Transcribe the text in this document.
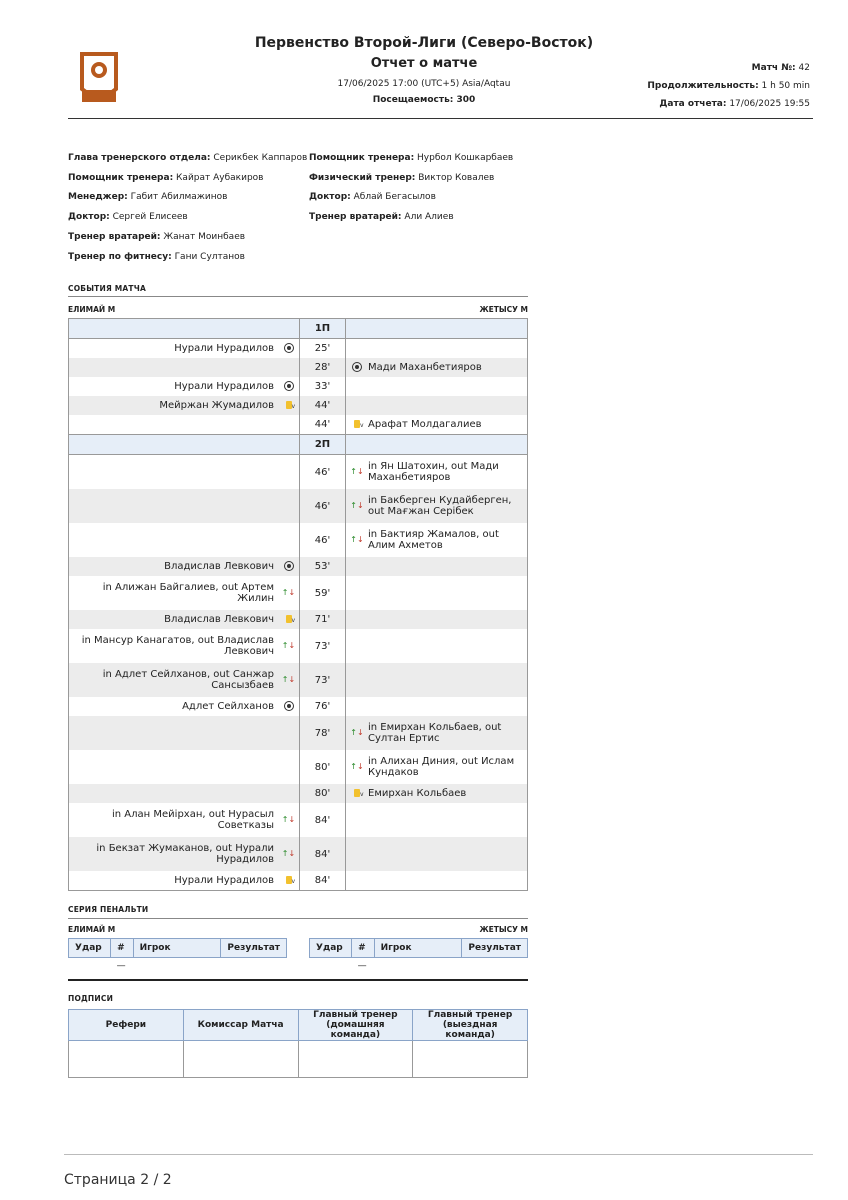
Первенство Второй-Лиги (Северо-Восток)
Отчет о матче
17/06/2025 17:00 (UTC+5) Asia/Aqtau
Посещаемость: 300
Матч №: 42
Продолжительность: 1 h 50 min
Дата отчета: 17/06/2025 19:55
Глава тренерского отдела: Серикбек Каппаров
Помощник тренера: Кайрат Аубакиров
Менеджер: Габит Абилмажинов
Доктор: Сергей Елисеев
Тренер вратарей: Жанат Моинбаев
Тренер по фитнесу: Гани Султанов
Помощник тренера: Нурбол Кошкарбаев
Физический тренер: Виктор Ковалев
Доктор: Аблай Бегасылов
Тренер вратарей: Али Алиев
СОБЫТИЯ МАТЧА
ЕЛИМАЙ М	ЖЕТЫСУ М
		1П		
Нурали Нурадилов		25'		
		28'		Мади Маханбетияров
Нурали Нурадилов		33'		
Мейржан Жумадилов	v	44'		
		44'	v	Арафат Молдагалиев
		2П		
		46'	↑↓	in Ян Шатохин, out Мади Маханбетияров
		46'	↑↓	in Бакберген Кудайберген, out Мағжан Серібек
		46'	↑↓	in Бактияр Жамалов, out Алим Ахметов
Владислав Левкович		53'		
in Алижан Байгалиев, out Артем Жилин	↑↓	59'		
Владислав Левкович	v	71'		
in Мансур Канагатов, out Владислав Левкович	↑↓	73'		
in Адлет Сейлханов, out Санжар Сансызбаев	↑↓	73'		
Адлет Сейлханов		76'		
		78'	↑↓	in Емирхан Кольбаев, out Султан Ертис
		80'	↑↓	in Алихан Диния, out Ислам Кундаков
		80'	v	Емирхан Кольбаев
in Алан Мейірхан, out Нурасыл Советказы	↑↓	84'		
in Бекзат Жумаканов, out Нурали Нурадилов	↑↓	84'		
Нурали Нурадилов	v	84'		
СЕРИЯ ПЕНАЛЬТИ
ЕЛИМАЙ М	ЖЕТЫСУ М
Удар	#	Игрок	Результат
	—		
Удар	#	Игрок	Результат
	—		
ПОДПИСИ
Рефери	Комиссар Матча	Главный тренер (домашняя команда)	Главный тренер (выездная команда)

Страница 2 / 2
